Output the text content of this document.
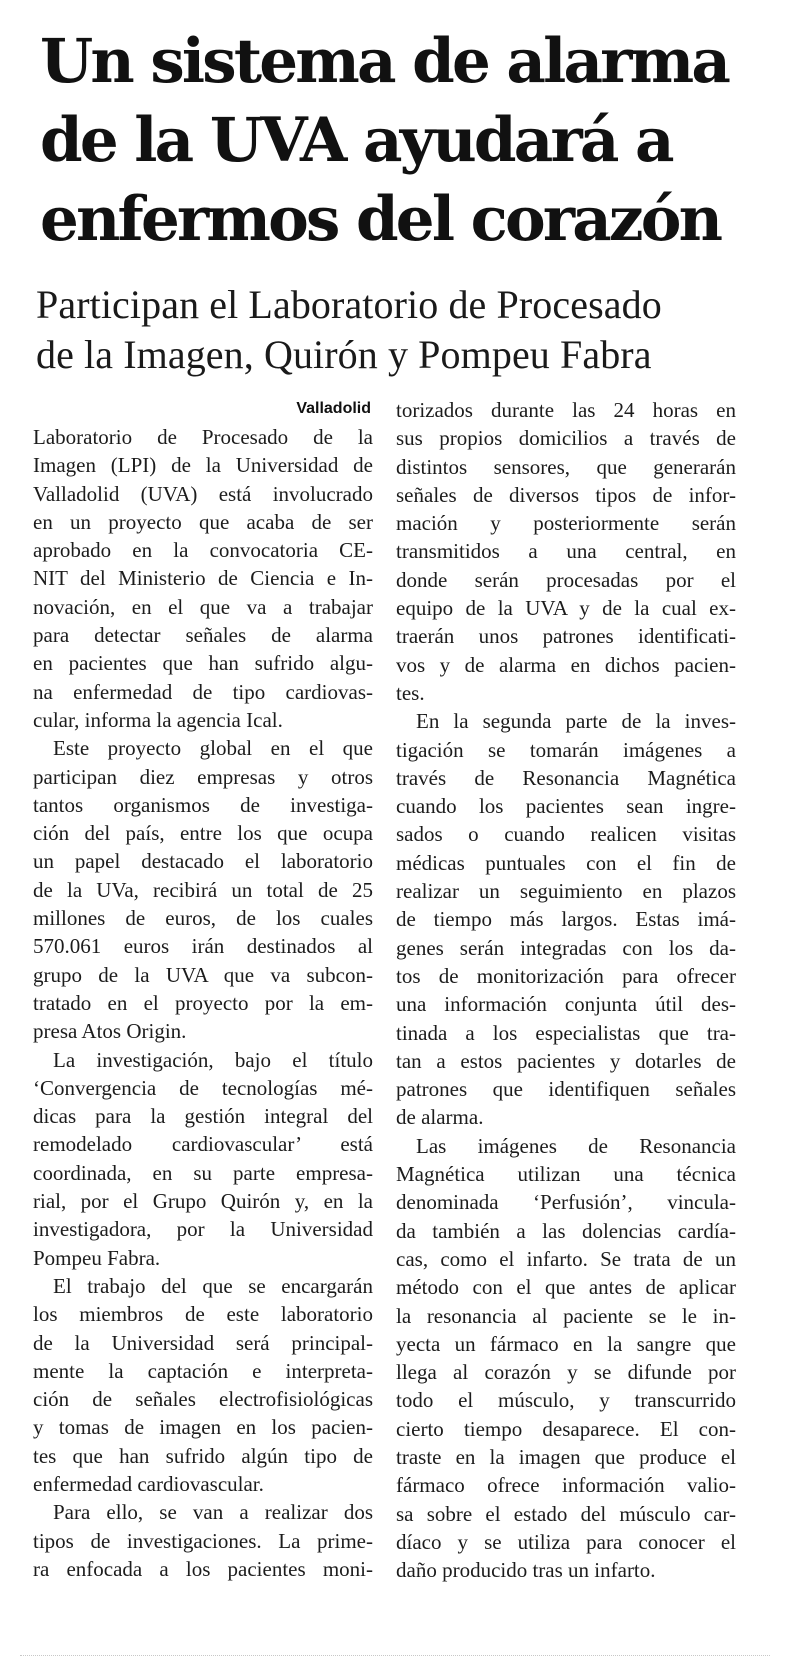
Un sistema de alarma
de la UVA ayudará a
enfermos del corazón
Participan el Laboratorio de Procesado
de la Imagen, Quirón y Pompeu Fabra
Valladolid
Laboratorio de Procesado de la
Imagen (LPI) de la Universidad de
Valladolid (UVA) está involucrado
en un proyecto que acaba de ser
aprobado en la convocatoria CE-
NIT del Ministerio de Ciencia e In-
novación, en el que va a trabajar
para detectar señales de alarma
en pacientes que han sufrido algu-
na enfermedad de tipo cardiovas-
cular, informa la agencia Ical.
Este proyecto global en el que
participan diez empresas y otros
tantos organismos de investiga-
ción del país, entre los que ocupa
un papel destacado el laboratorio
de la UVa, recibirá un total de 25
millones de euros, de los cuales
570.061 euros irán destinados al
grupo de la UVA que va subcon-
tratado en el proyecto por la em-
presa Atos Origin.
La investigación, bajo el título
‘Convergencia de tecnologías mé-
dicas para la gestión integral del
remodelado cardiovascular’ está
coordinada, en su parte empresa-
rial, por el Grupo Quirón y, en la
investigadora, por la Universidad
Pompeu Fabra.
El trabajo del que se encargarán
los miembros de este laboratorio
de la Universidad será principal-
mente la captación e interpreta-
ción de señales electrofisiológicas
y tomas de imagen en los pacien-
tes que han sufrido algún tipo de
enfermedad cardiovascular.
Para ello, se van a realizar dos
tipos de investigaciones. La prime-
ra enfocada a los pacientes moni-
torizados durante las 24 horas en
sus propios domicilios a través de
distintos sensores, que generarán
señales de diversos tipos de infor-
mación y posteriormente serán
transmitidos a una central, en
donde serán procesadas por el
equipo de la UVA y de la cual ex-
traerán unos patrones identificati-
vos y de alarma en dichos pacien-
tes.
En la segunda parte de la inves-
tigación se tomarán imágenes a
través de Resonancia Magnética
cuando los pacientes sean ingre-
sados o cuando realicen visitas
médicas puntuales con el fin de
realizar un seguimiento en plazos
de tiempo más largos. Estas imá-
genes serán integradas con los da-
tos de monitorización para ofrecer
una información conjunta útil des-
tinada a los especialistas que tra-
tan a estos pacientes y dotarles de
patrones que identifiquen señales
de alarma.
Las imágenes de Resonancia
Magnética utilizan una técnica
denominada ‘Perfusión’, vincula-
da también a las dolencias cardía-
cas, como el infarto. Se trata de un
método con el que antes de aplicar
la resonancia al paciente se le in-
yecta un fármaco en la sangre que
llega al corazón y se difunde por
todo el músculo, y transcurrido
cierto tiempo desaparece. El con-
traste en la imagen que produce el
fármaco ofrece información valio-
sa sobre el estado del músculo car-
díaco y se utiliza para conocer el
daño producido tras un infarto.
